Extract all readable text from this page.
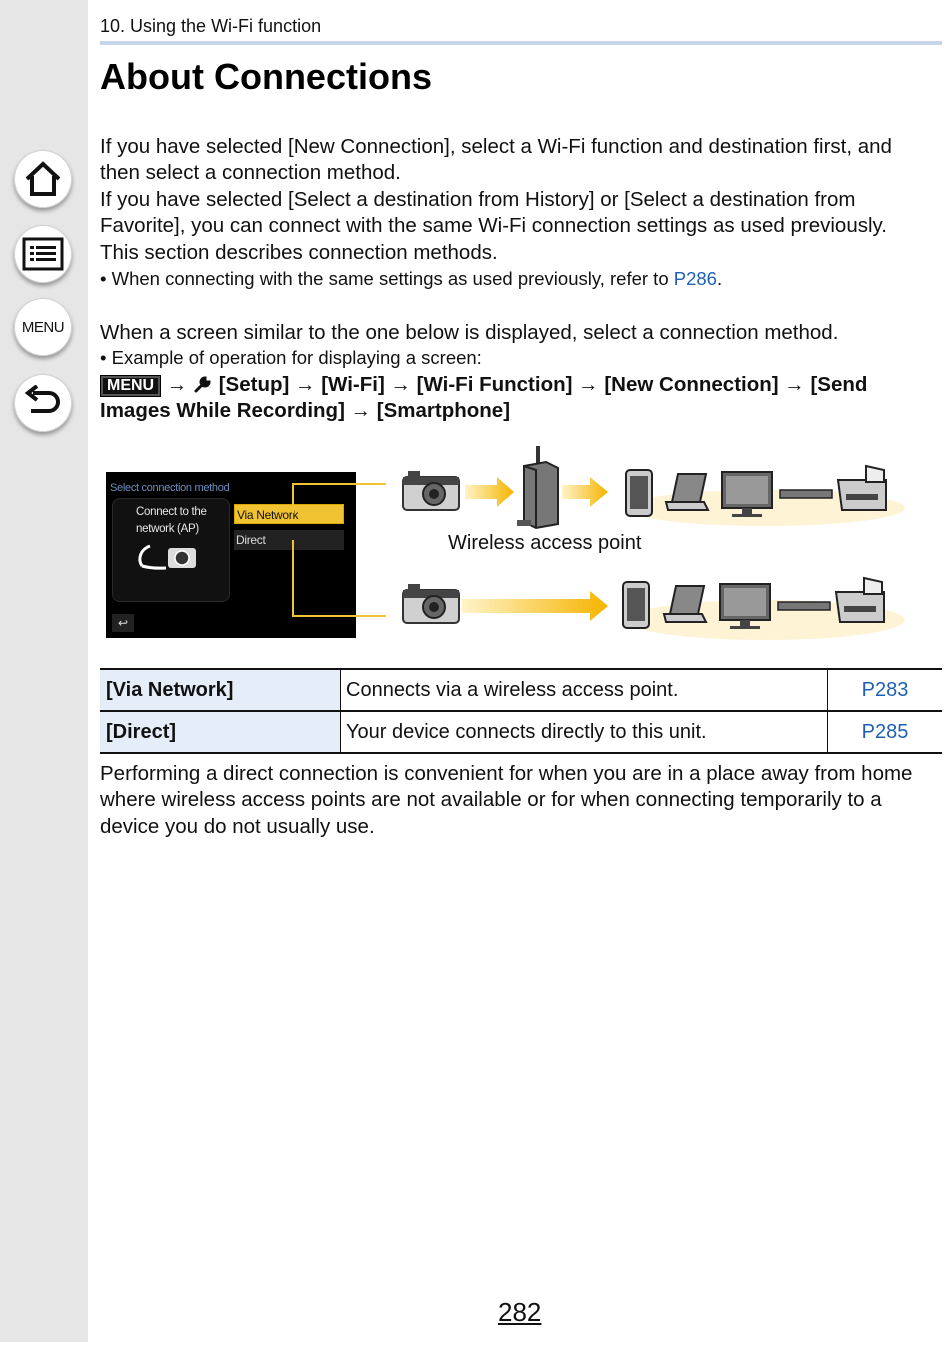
MENU
10. Using the Wi-Fi function
About Connections

If you have selected [New Connection], select a Wi-Fi function and destination first, and

then select a connection method.

If you have selected [Select a destination from History] or [Select a destination from

Favorite], you can connect with the same Wi-Fi connection settings as used previously.

This section describes connection methods.

• When connecting with the same settings as used previously, refer to P286.

When a screen similar to the one below is displayed, select a connection method.

• Example of operation for displaying a screen:

MENU → [Setup] → [Wi-Fi] → [Wi-Fi Function] → [New Connection] → [Send

Images While Recording] → [Smartphone]

Select connection method
Connect to the network (AP)
Via Network
Direct
↩
Wireless access point
[Via Network]	Connects via a wireless access point.	P283
[Direct]	Your device connects directly to this unit.	P285

Performing a direct connection is convenient for when you are in a place away from home

where wireless access points are not available or for when connecting temporarily to a

device you do not usually use.

282
